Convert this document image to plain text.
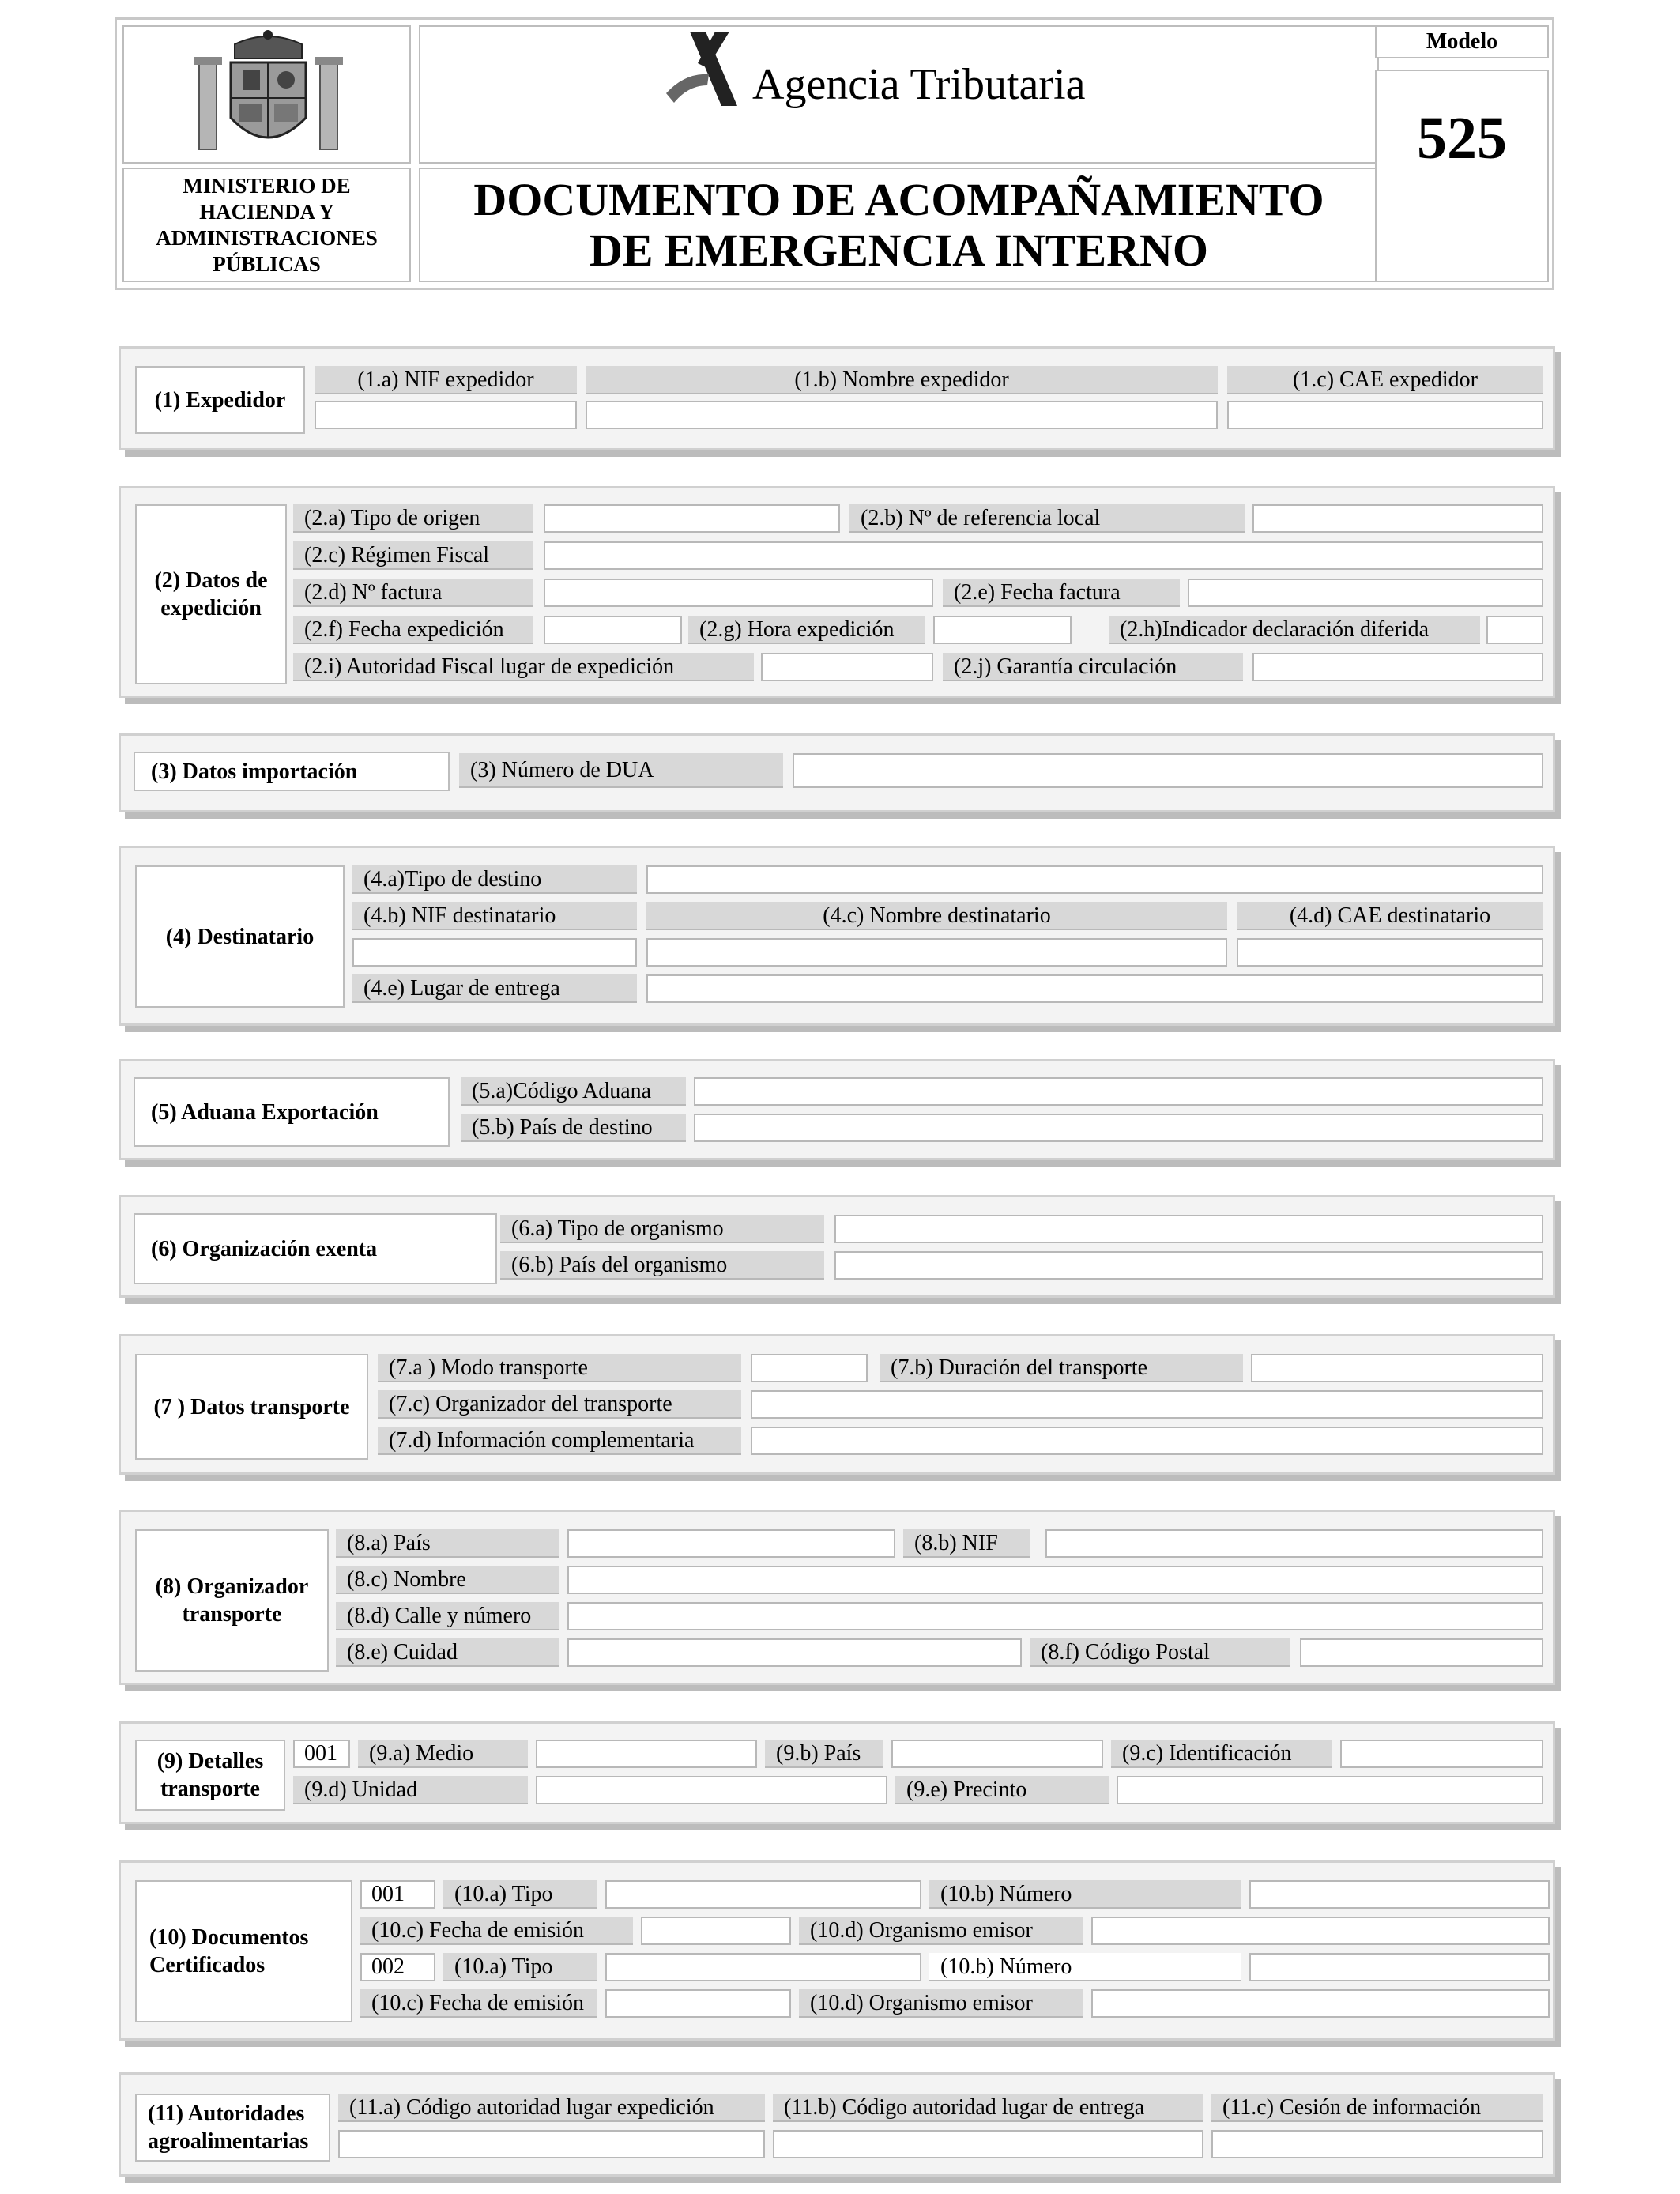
MINISTERIO DE HACIENDA Y ADMINISTRACIONES PÚBLICAS
Agencia Tributaria
DOCUMENTO DE ACOMPAÑAMIENTO
DE EMERGENCIA INTERNO
Modelo
525
(1) Expedidor
(1.a) NIF expedidor	(1.b) Nombre expedidor	(1.c) CAE expedidor
(2) Datos de expedición
(2.a) Tipo de origen	(2.b) Nº de referencia local
(2.c) Régimen Fiscal
(2.d) Nº factura	(2.e) Fecha factura
(2.f) Fecha expedición	(2.g) Hora expedición	(2.h)Indicador declaración diferida
(2.i) Autoridad Fiscal lugar de expedición	(2.j) Garantía circulación
(3) Datos importación	(3) Número de DUA
(4) Destinatario
(4.a)Tipo de destino
(4.b) NIF destinatario	(4.c) Nombre destinatario	(4.d) CAE destinatario
(4.e) Lugar de entrega
(5) Aduana Exportación
(5.a)Código Aduana
(5.b) País de destino
(6) Organización exenta
(6.a) Tipo de organismo
(6.b) País del organismo
(7 ) Datos transporte
(7.a ) Modo transporte	(7.b) Duración del transporte
(7.c) Organizador del transporte
(7.d) Información complementaria
(8) Organizador transporte
(8.a) País	(8.b) NIF
(8.c) Nombre
(8.d) Calle y número
(8.e) Cuidad	(8.f) Código Postal
(9) Detalles transporte
001	(9.a) Medio	(9.b) País	(9.c) Identificación
(9.d) Unidad	(9.e) Precinto
(10) Documentos Certificados
001	(10.a) Tipo	(10.b) Número
(10.c) Fecha de emisión	(10.d) Organismo emisor
002	(10.a) Tipo	(10.b) Número
(10.c) Fecha de emisión	(10.d) Organismo emisor
(11) Autoridades agroalimentarias
(11.a) Código autoridad lugar expedición	(11.b) Código autoridad lugar de entrega	(11.c) Cesión de información
